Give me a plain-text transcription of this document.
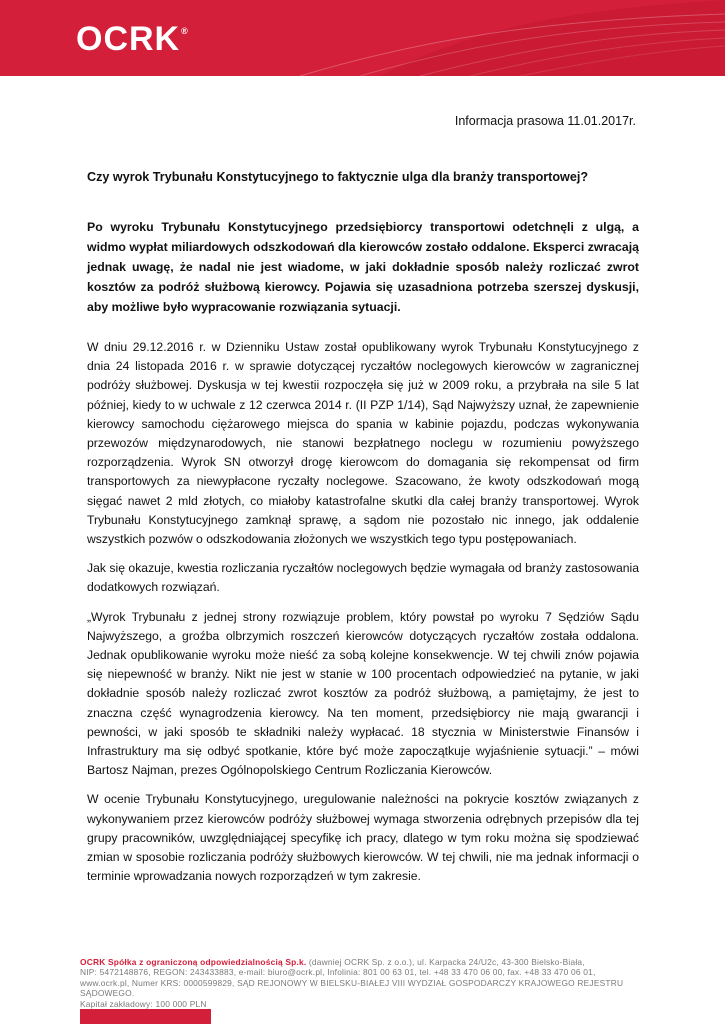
OCRK®
Informacja prasowa 11.01.2017r.
Czy wyrok Trybunału Konstytucyjnego to faktycznie ulga dla branży transportowej?
Po wyroku Trybunału Konstytucyjnego przedsiębiorcy transportowi odetchnęli z ulgą, a widmo wypłat miliardowych odszkodowań dla kierowców zostało oddalone. Eksperci zwracają jednak uwagę, że nadal nie jest wiadome, w jaki dokładnie sposób należy rozliczać zwrot kosztów za podróż służbową kierowcy. Pojawia się uzasadniona potrzeba szerszej dyskusji, aby możliwe było wypracowanie rozwiązania sytuacji.

W dniu 29.12.2016 r. w Dzienniku Ustaw został opublikowany wyrok Trybunału Konstytucyjnego z dnia 24 listopada 2016 r. w sprawie dotyczącej ryczałtów noclegowych kierowców w zagranicznej podróży służbowej. Dyskusja w tej kwestii rozpoczęła się już w 2009 roku, a przybrała na sile 5 lat później, kiedy to w uchwale z 12 czerwca 2014 r. (II PZP 1/14), Sąd Najwyższy uznał, że zapewnienie kierowcy samochodu ciężarowego miejsca do spania w kabinie pojazdu, podczas wykonywania przewozów międzynarodowych, nie stanowi bezpłatnego noclegu w rozumieniu powyższego rozporządzenia. Wyrok SN otworzył drogę kierowcom do domagania się rekompensat od firm transportowych za niewypłacone ryczałty noclegowe. Szacowano, że kwoty odszkodowań mogą sięgać nawet 2 mld złotych, co miałoby katastrofalne skutki dla całej branży transportowej. Wyrok Trybunału Konstytucyjnego zamknął sprawę, a sądom nie pozostało nic innego, jak oddalenie wszystkich pozwów o odszkodowania złożonych we wszystkich tego typu postępowaniach.

Jak się okazuje, kwestia rozliczania ryczałtów noclegowych będzie wymagała od branży zastosowania dodatkowych rozwiązań.

„Wyrok Trybunału z jednej strony rozwiązuje problem, który powstał po wyroku 7 Sędziów Sądu Najwyższego, a groźba olbrzymich roszczeń kierowców dotyczących ryczałtów została oddalona. Jednak opublikowanie wyroku może nieść za sobą kolejne konsekwencje. W tej chwili znów pojawia się niepewność w branży. Nikt nie jest w stanie w 100 procentach odpowiedzieć na pytanie, w jaki dokładnie sposób należy rozliczać zwrot kosztów za podróż służbową, a pamiętajmy, że jest to znaczna część wynagrodzenia kierowcy. Na ten moment, przedsiębiorcy nie mają gwarancji i pewności, w jaki sposób te składniki należy wypłacać. 18 stycznia w Ministerstwie Finansów i Infrastruktury ma się odbyć spotkanie, które być może zapoczątkuje wyjaśnienie sytuacji.” – mówi Bartosz Najman, prezes Ogólnopolskiego Centrum Rozliczania Kierowców.

W ocenie Trybunału Konstytucyjnego, uregulowanie należności na pokrycie kosztów związanych z wykonywaniem przez kierowców podróży służbowej wymaga stworzenia odrębnych przepisów dla tej grupy pracowników, uwzględniającej specyfikę ich pracy, dlatego w tym roku można się spodziewać zmian w sposobie rozliczania podróży służbowych kierowców. W tej chwili, nie ma jednak informacji o terminie wprowadzania nowych rozporządzeń w tym zakresie.

OCRK Spółka z ograniczoną odpowiedzialnością Sp.k. (dawniej OCRK Sp. z o.o.), ul. Karpacka 24/U2c, 43-300 Bielsko-Biała,
NIP: 5472148876, REGON: 243433883, e-mail: biuro@ocrk.pl, Infolinia: 801 00 63 01, tel. +48 33 470 06 00, fax. +48 33 470 06 01,
www.ocrk.pl, Numer KRS: 0000599829, SĄD REJONOWY W BIELSKU-BIAŁEJ VIII WYDZIAŁ GOSPODARCZY KRAJOWEGO REJESTRU SĄDOWEGO.
Kapitał zakładowy: 100 000 PLN
